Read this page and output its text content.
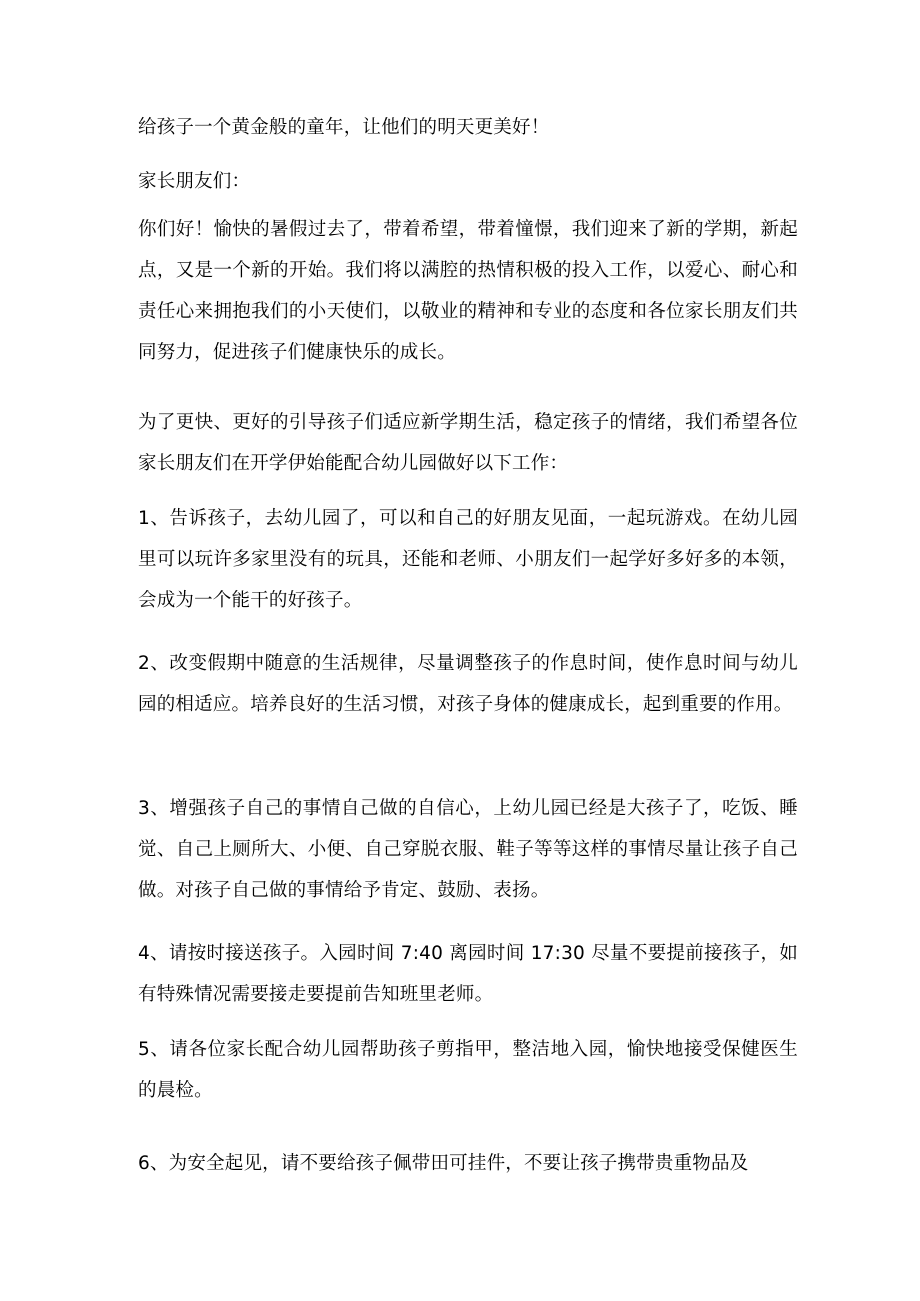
给孩子一个黄金般的童年，让他们的明天更美好！

家长朋友们：

你们好！愉快的暑假过去了，带着希望，带着憧憬，我们迎来了新的学期，新起点，又是一个新的开始。我们将以满腔的热情积极的投入工作，以爱心、耐心和责任心来拥抱我们的小天使们，以敬业的精神和专业的态度和各位家长朋友们共同努力，促进孩子们健康快乐的成长。

为了更快、更好的引导孩子们适应新学期生活，稳定孩子的情绪，我们希望各位家长朋友们在开学伊始能配合幼儿园做好以下工作：

1、告诉孩子，去幼儿园了，可以和自己的好朋友见面，一起玩游戏。在幼儿园里可以玩许多家里没有的玩具，还能和老师、小朋友们一起学好多好多的本领，会成为一个能干的好孩子。

2、改变假期中随意的生活规律，尽量调整孩子的作息时间，使作息时间与幼儿园的相适应。培养良好的生活习惯，对孩子身体的健康成长，起到重要的作用。

3、增强孩子自己的事情自己做的自信心，上幼儿园已经是大孩子了，吃饭、睡觉、自己上厕所大、小便、自己穿脱衣服、鞋子等等这样的事情尽量让孩子自己做。对孩子自己做的事情给予肯定、鼓励、表扬。

4、请按时接送孩子。入园时间 7:40 离园时间 17:30 尽量不要提前接孩子，如有特殊情况需要接走要提前告知班里老师。

5、请各位家长配合幼儿园帮助孩子剪指甲，整洁地入园，愉快地接受保健医生的晨检。

6、为安全起见，请不要给孩子佩带田可挂件，不要让孩子携带贵重物品及
